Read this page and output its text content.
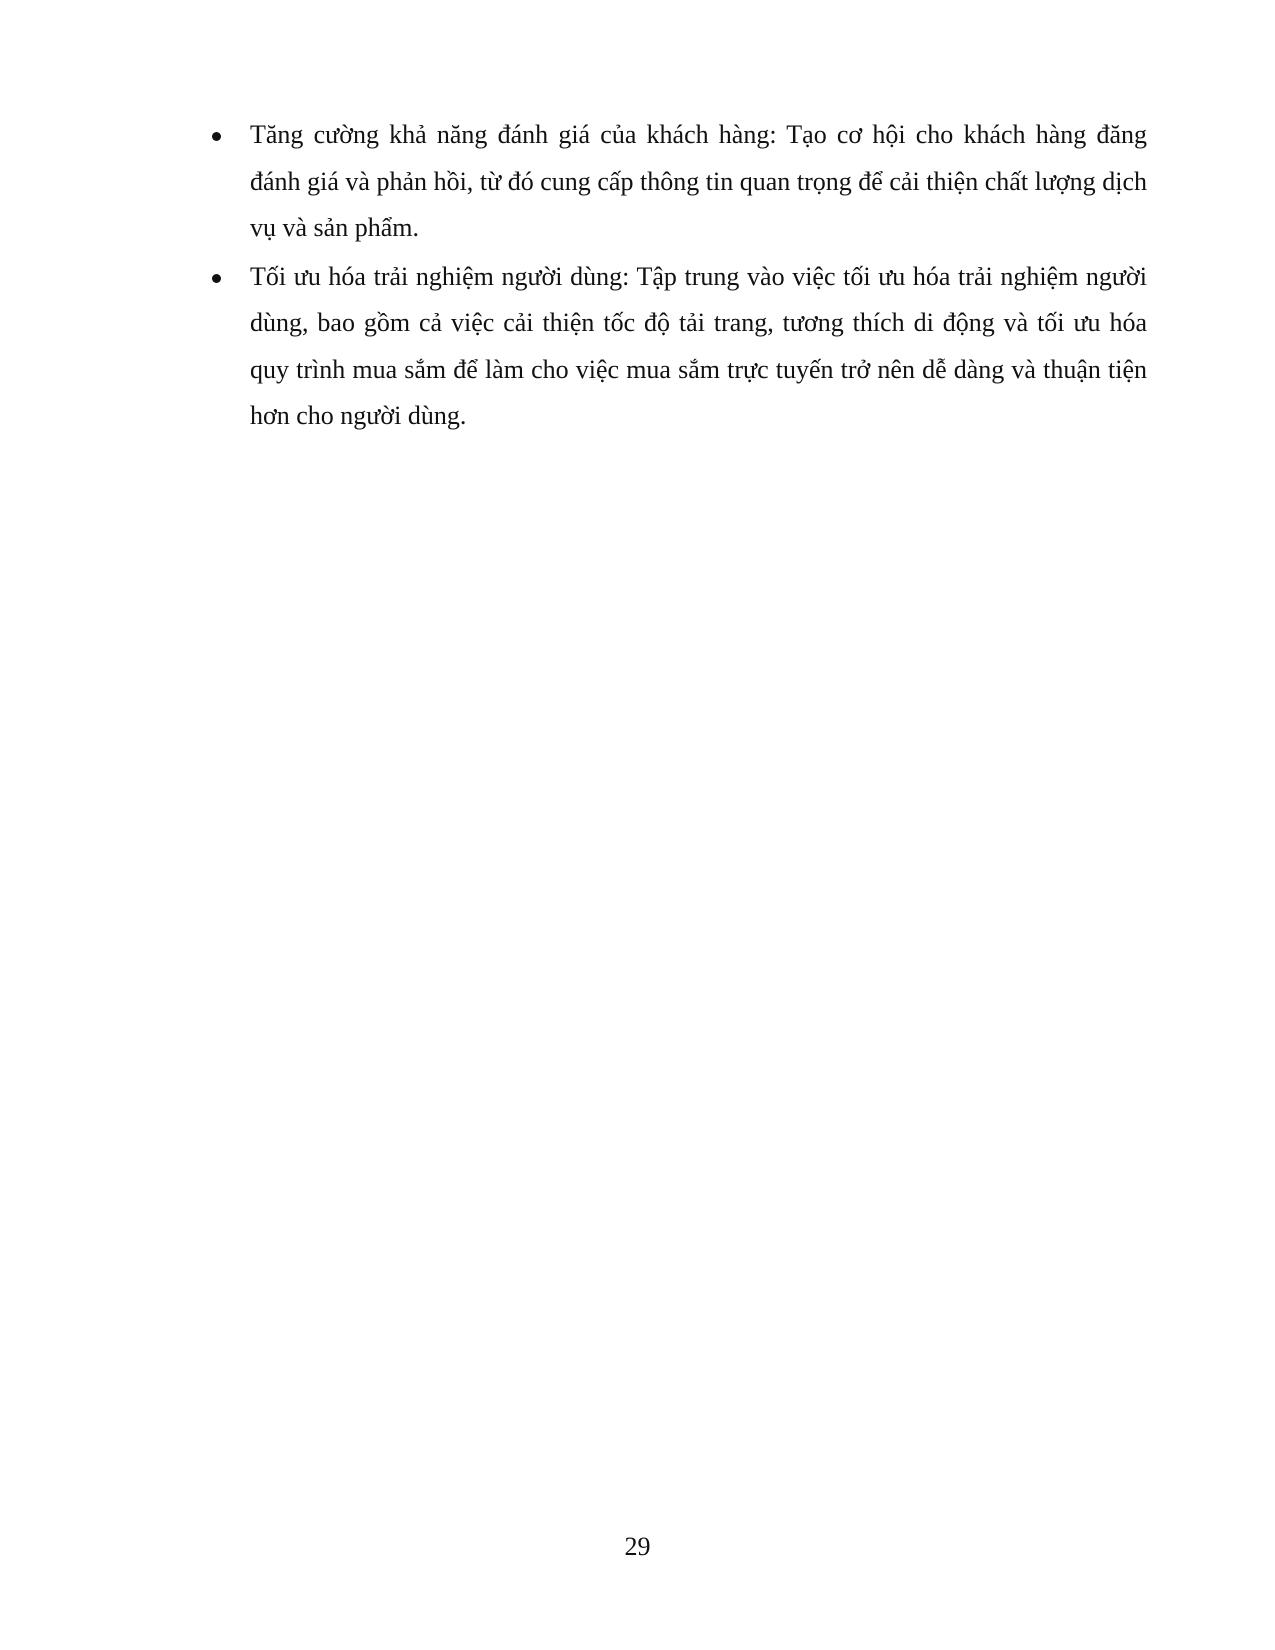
Tăng cường khả năng đánh giá của khách hàng: Tạo cơ hội cho khách hàng đăng đánh giá và phản hồi, từ đó cung cấp thông tin quan trọng để cải thiện chất lượng dịch vụ và sản phẩm.
Tối ưu hóa trải nghiệm người dùng: Tập trung vào việc tối ưu hóa trải nghiệm người dùng, bao gồm cả việc cải thiện tốc độ tải trang, tương thích di động và tối ưu hóa quy trình mua sắm để làm cho việc mua sắm trực tuyến trở nên dễ dàng và thuận tiện hơn cho người dùng.
29
